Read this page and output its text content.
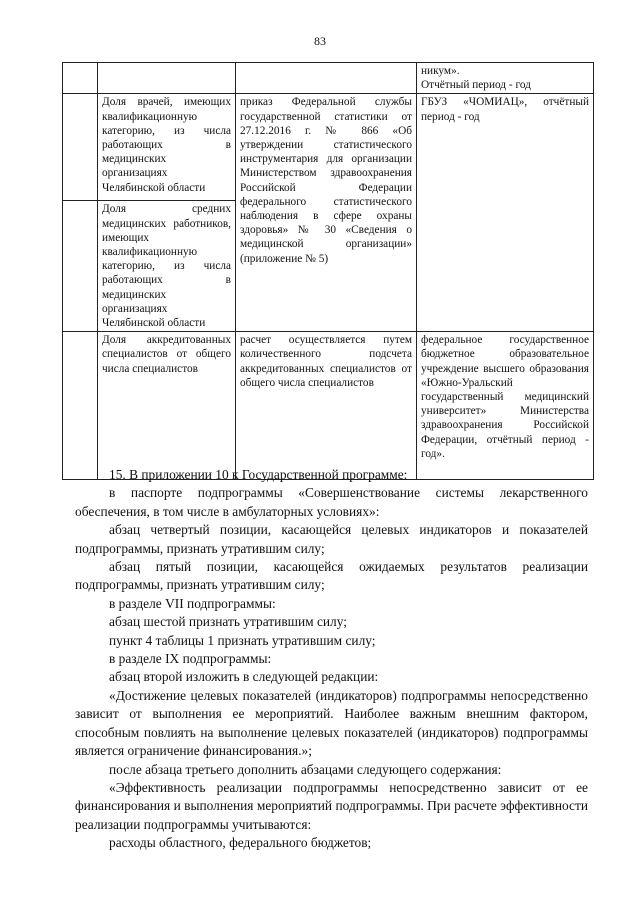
83
			никум».
Отчётный период - год
	Доля врачей, имеющих квалификационную категорию, из числа работающих в медицинских организациях Челябинской области	приказ Федеральной службы государственной статистики от 27.12.2016 г. № 866 «Об утверждении статистического инструментария для организации Министерством здравоохранения Российской Федерации федерального статистического наблюдения в сфере охраны здоровья» № 30 «Сведения о медицинской организации» (приложение № 5)	ГБУЗ «ЧОМИАЦ», отчётный период - год
	Доля средних медицинских работников, имеющих квалификационную категорию, из числа работающих в медицинских организациях Челябинской области		
	Доля аккредитованных специалистов от общего числа специалистов	расчет осуществляется путем количественного подсчета аккредитованных специалистов от общего числа специалистов	федеральное государственное бюджетное образовательное учреждение высшего образования «Южно-Уральский государственный медицинский университет» Министерства здравоохранения Российской Федерации, отчётный период - год».

15. В приложении 10 к Государственной программе:

в паспорте подпрограммы «Совершенствование системы лекарственного обеспечения, в том числе в амбулаторных условиях»:

абзац четвертый позиции, касающейся целевых индикаторов и показателей подпрограммы, признать утратившим силу;

абзац пятый позиции, касающейся ожидаемых результатов реализации подпрограммы, признать утратившим силу;

в разделе VII подпрограммы:

абзац шестой признать утратившим силу;

пункт 4 таблицы 1 признать утратившим силу;

в разделе IX подпрограммы:

абзац второй изложить в следующей редакции:

«Достижение целевых показателей (индикаторов) подпрограммы непосредственно зависит от выполнения ее мероприятий. Наиболее важным внешним фактором, способным повлиять на выполнение целевых показателей (индикаторов) подпрограммы является ограничение финансирования.»;

после абзаца третьего дополнить абзацами следующего содержания:

«Эффективность реализации подпрограммы непосредственно зависит от ее финансирования и выполнения мероприятий подпрограммы. При расчете эффективности реализации подпрограммы учитываются:

расходы областного, федерального бюджетов;
